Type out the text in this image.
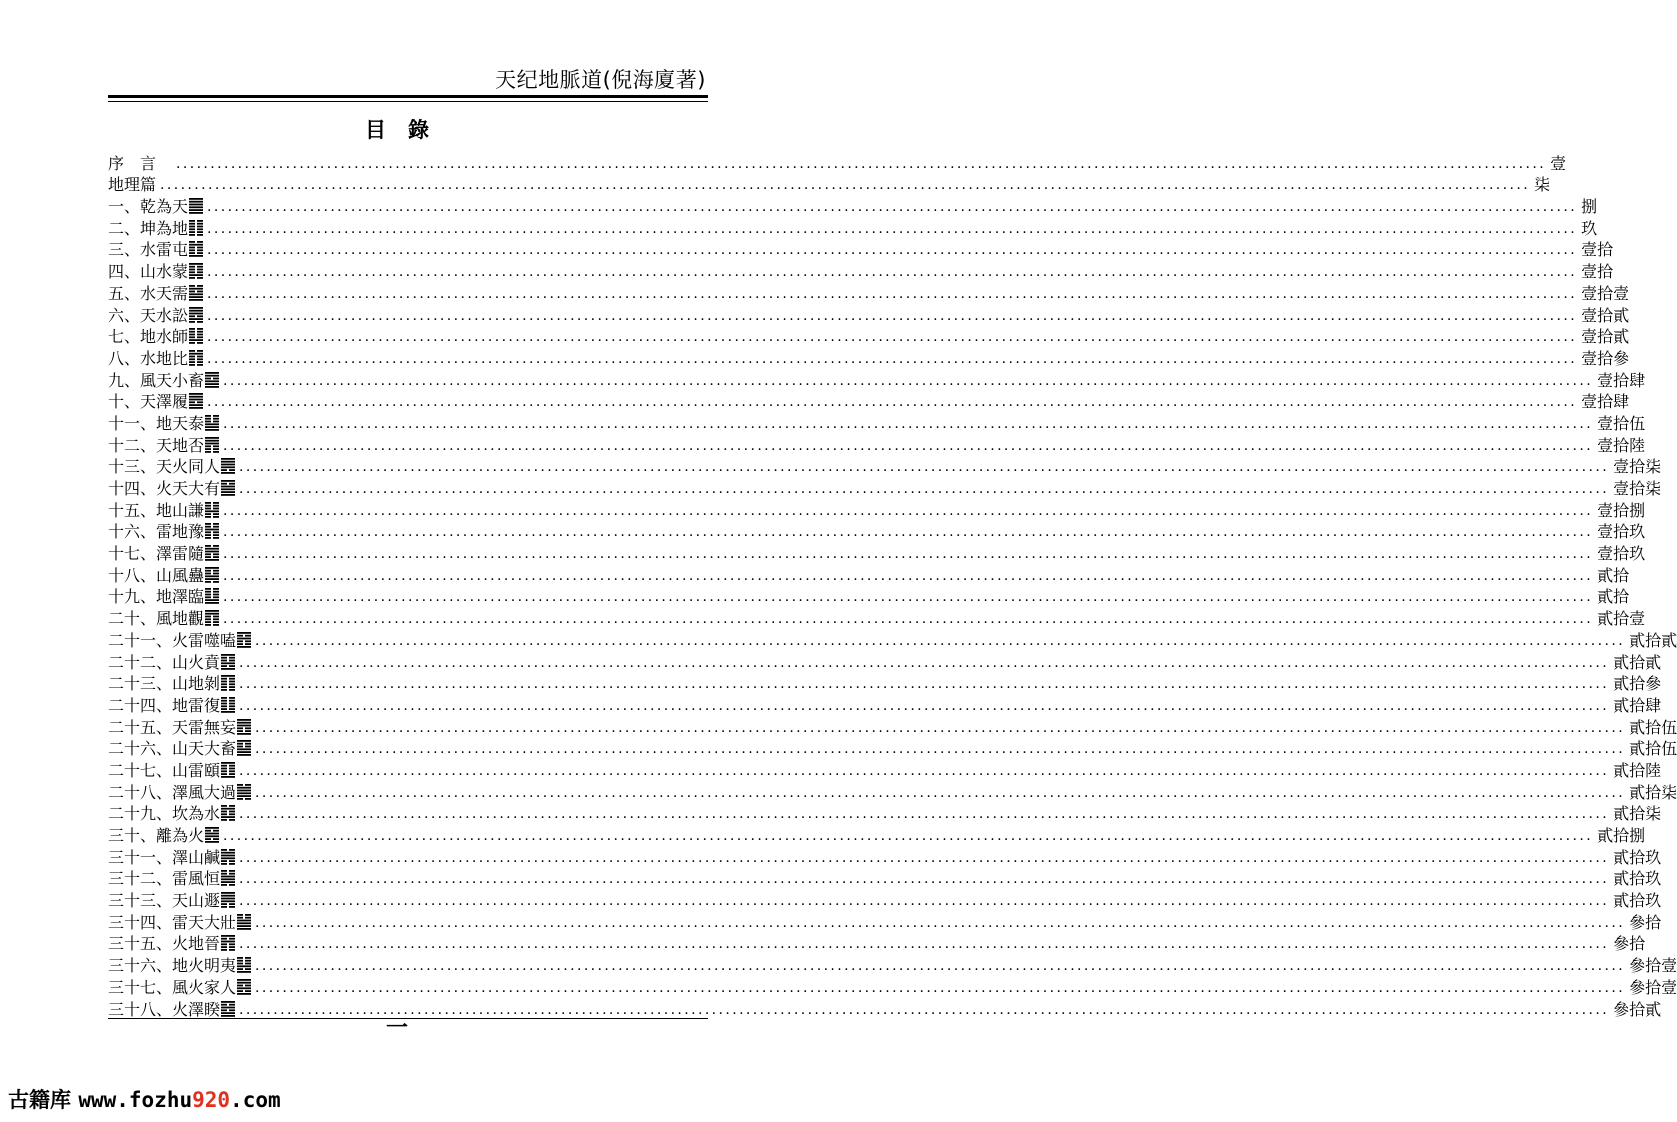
天纪地脈道(倪海廈著)
目錄
序言 ........................................................................................................................................................................................................ 壹
地理篇 ........................................................................................................................................................................................................ 柒
一、乾為天	........................................................................................................................................................................................................ 捌
二、坤為地	........................................................................................................................................................................................................ 玖
三、水雷屯	........................................................................................................................................................................................................ 壹拾
四、山水蒙	........................................................................................................................................................................................................ 壹拾
五、水天需	........................................................................................................................................................................................................ 壹拾壹
六、天水訟	........................................................................................................................................................................................................ 壹拾貳
七、地水師	........................................................................................................................................................................................................ 壹拾貳
八、水地比	........................................................................................................................................................................................................ 壹拾參
九、風天小畜	........................................................................................................................................................................................................ 壹拾肆
十、天澤履	........................................................................................................................................................................................................ 壹拾肆
十一、地天泰	........................................................................................................................................................................................................ 壹拾伍
十二、天地否	........................................................................................................................................................................................................ 壹拾陸
十三、天火同人	........................................................................................................................................................................................................ 壹拾柒
十四、火天大有	........................................................................................................................................................................................................ 壹拾柒
十五、地山謙	........................................................................................................................................................................................................ 壹拾捌
十六、雷地豫	........................................................................................................................................................................................................ 壹拾玖
十七、澤雷隨	........................................................................................................................................................................................................ 壹拾玖
十八、山風蠱	........................................................................................................................................................................................................ 貳拾
十九、地澤臨	........................................................................................................................................................................................................ 貳拾
二十、風地觀	........................................................................................................................................................................................................ 貳拾壹
二十一、火雷噬嗑	........................................................................................................................................................................................................ 貳拾貳
二十二、山火賁	........................................................................................................................................................................................................ 貳拾貳
二十三、山地剝	........................................................................................................................................................................................................ 貳拾參
二十四、地雷復	........................................................................................................................................................................................................ 貳拾肆
二十五、天雷無妄	........................................................................................................................................................................................................ 貳拾伍
二十六、山天大畜	........................................................................................................................................................................................................ 貳拾伍
二十七、山雷頤	........................................................................................................................................................................................................ 貳拾陸
二十八、澤風大過	........................................................................................................................................................................................................ 貳拾柒
二十九、坎為水	........................................................................................................................................................................................................ 貳拾柒
三十、離為火	........................................................................................................................................................................................................ 貳拾捌
三十一、澤山鹹	........................................................................................................................................................................................................ 貳拾玖
三十二、雷風恒	........................................................................................................................................................................................................ 貳拾玖
三十三、天山遯	........................................................................................................................................................................................................ 貳拾玖
三十四、雷天大壯	........................................................................................................................................................................................................ 參拾
三十五、火地晉	........................................................................................................................................................................................................ 參拾
三十六、地火明夷	........................................................................................................................................................................................................ 參拾壹
三十七、風火家人	........................................................................................................................................................................................................ 參拾壹
三十八、火澤睽	........................................................................................................................................................................................................ 參拾貳
一
古籍库 www.fozhu920.com
